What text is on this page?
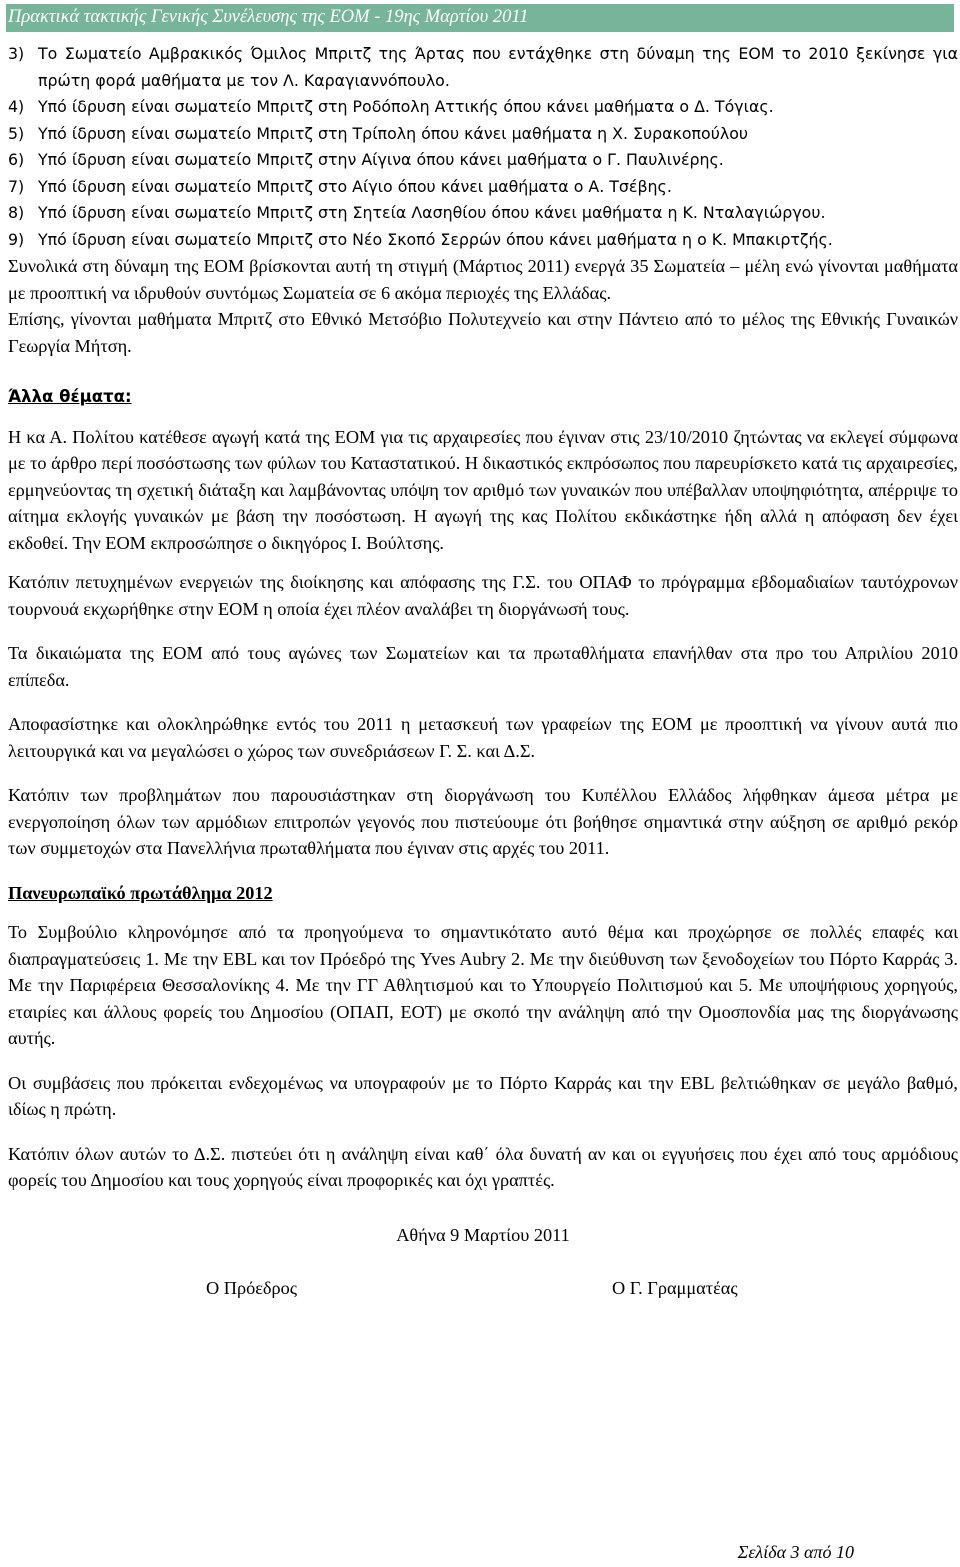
Πρακτικά τακτικής Γενικής Συνέλευσης της ΕΟΜ - 19ης Μαρτίου 2011
3) Το Σωματείο Αμβρακικός Όμιλος Μπριτζ της Άρτας που εντάχθηκε στη δύναμη της ΕΟΜ το 2010 ξεκίνησε για πρώτη φορά μαθήματα με τον Λ. Καραγιαννόπουλο.
4) Υπό ίδρυση είναι σωματείο Μπριτζ στη Ροδόπολη Αττικής όπου κάνει μαθήματα ο Δ. Τόγιας.
5) Υπό ίδρυση είναι σωματείο Μπριτζ στη Τρίπολη όπου κάνει μαθήματα η Χ. Συρακοπούλου
6) Υπό ίδρυση είναι σωματείο Μπριτζ στην Αίγινα όπου κάνει μαθήματα ο Γ. Παυλινέρης.
7) Υπό ίδρυση είναι σωματείο Μπριτζ στο Αίγιο όπου κάνει μαθήματα ο Α. Τσέβης.
8) Υπό ίδρυση είναι σωματείο Μπριτζ στη Σητεία Λασηθίου όπου κάνει μαθήματα η Κ. Νταλαγιώργου.
9) Υπό ίδρυση είναι σωματείο Μπριτζ στο Νέο Σκοπό Σερρών όπου κάνει μαθήματα η ο Κ. Μπακιρτζής.

Συνολικά στη δύναμη της ΕΟΜ βρίσκονται αυτή τη στιγμή (Μάρτιος 2011) ενεργά 35 Σωματεία – μέλη ενώ γίνονται μαθήματα με προοπτική να ιδρυθούν συντόμως Σωματεία σε 6 ακόμα περιοχές της Ελλάδας.

Επίσης, γίνονται μαθήματα Μπριτζ στο Εθνικό Μετσόβιο Πολυτεχνείο και στην Πάντειο από το μέλος της Εθνικής Γυναικών Γεωργία Μήτση.

Άλλα θέματα:

Η κα Α. Πολίτου κατέθεσε αγωγή κατά της ΕΟΜ για τις αρχαιρεσίες που έγιναν στις 23/10/2010 ζητώντας να εκλεγεί σύμφωνα με το άρθρο περί ποσόστωσης των φύλων του Καταστατικού. Η δικαστικός εκπρόσωπος που παρευρίσκετο κατά τις αρχαιρεσίες, ερμηνεύοντας τη σχετική διάταξη και λαμβάνοντας υπόψη τον αριθμό των γυναικών που υπέβαλλαν υποψηφιότητα, απέρριψε το αίτημα εκλογής γυναικών με βάση την ποσόστωση. Η αγωγή της κας Πολίτου εκδικάστηκε ήδη αλλά η απόφαση δεν έχει εκδοθεί. Την ΕΟΜ εκπροσώπησε ο δικηγόρος Ι. Βούλτσης.

Κατόπιν πετυχημένων ενεργειών της διοίκησης και απόφασης της Γ.Σ. του ΟΠΑΦ το πρόγραμμα εβδομαδιαίων ταυτόχρονων τουρνουά εκχωρήθηκε στην ΕΟΜ η οποία έχει πλέον αναλάβει τη διοργάνωσή τους.

Τα δικαιώματα της ΕΟΜ από τους αγώνες των Σωματείων και τα πρωταθλήματα επανήλθαν στα προ του Απριλίου 2010 επίπεδα.

Αποφασίστηκε και ολοκληρώθηκε εντός του 2011 η μετασκευή των γραφείων της ΕΟΜ με προοπτική να γίνουν αυτά πιο λειτουργικά και να μεγαλώσει ο χώρος των συνεδριάσεων Γ. Σ. και Δ.Σ.

Κατόπιν των προβλημάτων που παρουσιάστηκαν στη διοργάνωση του Κυπέλλου Ελλάδος λήφθηκαν άμεσα μέτρα με ενεργοποίηση όλων των αρμόδιων επιτροπών γεγονός που πιστεύουμε ότι βοήθησε σημαντικά στην αύξηση σε αριθμό ρεκόρ των συμμετοχών στα Πανελλήνια πρωταθλήματα που έγιναν στις αρχές του 2011.

Πανευρωπαϊκό πρωτάθλημα 2012

Το Συμβούλιο κληρονόμησε από τα προηγούμενα το σημαντικότατο αυτό θέμα και προχώρησε σε πολλές επαφές και διαπραγματεύσεις 1. Με την EBL και τον Πρόεδρό της Yves Aubry 2. Με την διεύθυνση των ξενοδοχείων του Πόρτο Καρράς 3. Με την Παριφέρεια Θεσσαλονίκης 4. Με την ΓΓ Αθλητισμού και το Υπουργείο Πολιτισμού και 5. Με υποψήφιους χορηγούς, εταιρίες και άλλους φορείς του Δημοσίου (ΟΠΑΠ, ΕΟΤ) με σκοπό την ανάληψη από την Ομοσπονδία μας της διοργάνωσης αυτής.

Οι συμβάσεις που πρόκειται ενδεχομένως να υπογραφούν με το Πόρτο Καρράς και την EBL βελτιώθηκαν σε μεγάλο βαθμό, ιδίως η πρώτη.

Κατόπιν όλων αυτών το Δ.Σ. πιστεύει ότι η ανάληψη είναι καθ΄ όλα δυνατή αν και οι εγγυήσεις που έχει από τους αρμόδιους φορείς του Δημοσίου και τους χορηγούς είναι προφορικές και όχι γραπτές.

Αθήνα 9 Μαρτίου 2011

Ο Πρόεδρος	Ο Γ. Γραμματέας
Σελίδα 3 από 10
